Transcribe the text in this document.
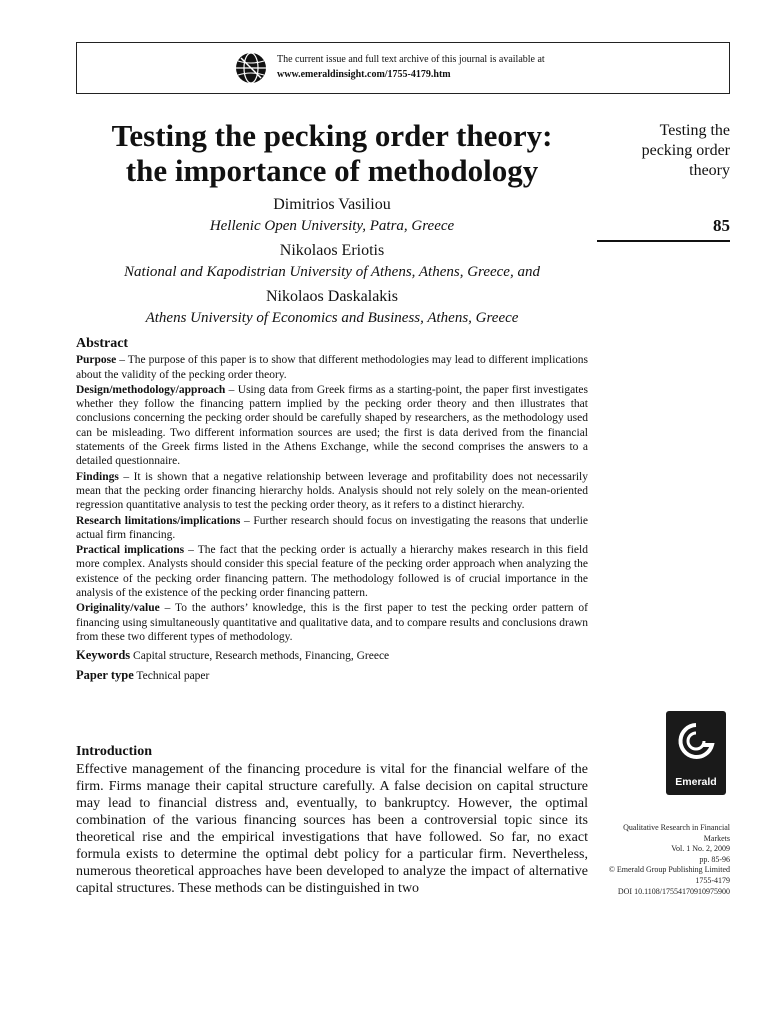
The current issue and full text archive of this journal is available at
www.emeraldinsight.com/1755-4179.htm
Testing the pecking order theory:
the importance of methodology
Dimitrios Vasiliou
Hellenic Open University, Patra, Greece
Nikolaos Eriotis
National and Kapodistrian University of Athens, Athens, Greece, and
Nikolaos Daskalakis
Athens University of Economics and Business, Athens, Greece
Testing the
pecking order
theory
85
Abstract

Purpose – The purpose of this paper is to show that different methodologies may lead to different implications about the validity of the pecking order theory.

Design/methodology/approach – Using data from Greek firms as a starting-point, the paper first investigates whether they follow the financing pattern implied by the pecking order theory and then illustrates that conclusions concerning the pecking order should be carefully shaped by researchers, as the methodology used can be misleading. Two different information sources are used; the first is data derived from the financial statements of the Greek firms listed in the Athens Exchange, while the second comprises the answers to a detailed questionnaire.

Findings – It is shown that a negative relationship between leverage and profitability does not necessarily mean that the pecking order financing hierarchy holds. Analysis should not rely solely on the mean-oriented regression quantitative analysis to test the pecking order theory, as it refers to a distinct hierarchy.

Research limitations/implications – Further research should focus on investigating the reasons that underlie actual firm financing.

Practical implications – The fact that the pecking order is actually a hierarchy makes research in this field more complex. Analysts should consider this special feature of the pecking order approach when analyzing the existence of the pecking order financing pattern. The methodology followed is of crucial importance in the analysis of the existence of the pecking order financing pattern.

Originality/value – To the authors’ knowledge, this is the first paper to test the pecking order pattern of financing using simultaneously quantitative and qualitative data, and to compare results and conclusions drawn from these two different types of methodology.

Keywords Capital structure, Research methods, Financing, Greece

Paper type Technical paper

Introduction

Effective management of the financing procedure is vital for the financial welfare of the firm. Firms manage their capital structure carefully. A false decision on capital structure may lead to financial distress and, eventually, to bankruptcy. However, the optimal combination of the various financing sources has been a controversial topic since its theoretical rise and the empirical investigations that have followed. So far, no exact formula exists to determine the optimal debt policy for a particular firm. Nevertheless, numerous theoretical approaches have been developed to analyze the impact of alternative capital structures. These methods can be distinguished in two

Emerald
Qualitative Research in Financial
Markets
Vol. 1 No. 2, 2009
pp. 85-96
© Emerald Group Publishing Limited
1755-4179
DOI 10.1108/17554170910975900
